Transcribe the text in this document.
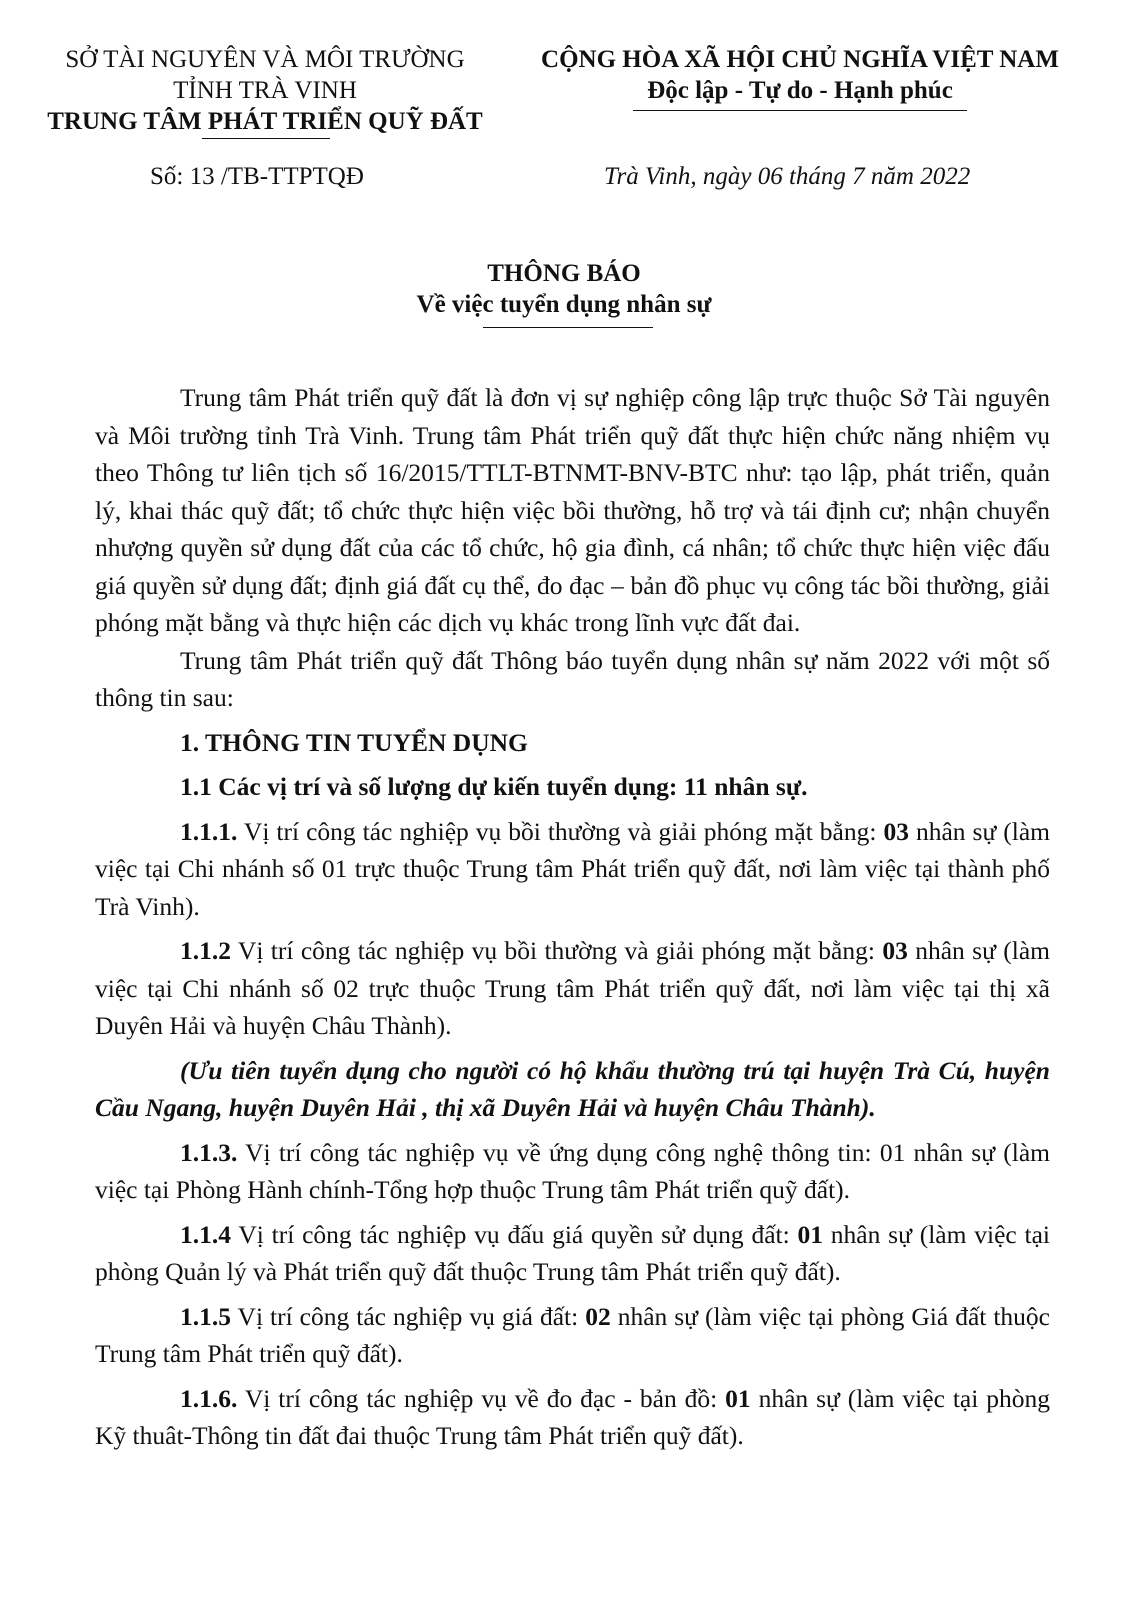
SỞ TÀI NGUYÊN VÀ MÔI TRƯỜNG
TỈNH TRÀ VINH
TRUNG TÂM PHÁT TRIỂN QUỸ ĐẤT
CỘNG HÒA XÃ HỘI CHỦ NGHĨA VIỆT NAM
Độc lập - Tự do - Hạnh phúc
Số: 13 /TB-TTPTQĐ	Trà Vinh, ngày 06 tháng 7 năm 2022
THÔNG BÁO
Về việc tuyển dụng nhân sự

Trung tâm Phát triển quỹ đất là đơn vị sự nghiệp công lập trực thuộc Sở Tài nguyên và Môi trường tỉnh Trà Vinh. Trung tâm Phát triển quỹ đất thực hiện chức năng nhiệm vụ theo Thông tư liên tịch số 16/2015/TTLT-BTNMT-BNV-BTC như: tạo lập, phát triển, quản lý, khai thác quỹ đất; tổ chức thực hiện việc bồi thường, hỗ trợ và tái định cư; nhận chuyển nhượng quyền sử dụng đất của các tổ chức, hộ gia đình, cá nhân; tổ chức thực hiện việc đấu giá quyền sử dụng đất; định giá đất cụ thể, đo đạc – bản đồ phục vụ công tác bồi thường, giải phóng mặt bằng và thực hiện các dịch vụ khác trong lĩnh vực đất đai.

Trung tâm Phát triển quỹ đất Thông báo tuyển dụng nhân sự năm 2022 với một số thông tin sau:

1. THÔNG TIN TUYỂN DỤNG

1.1 Các vị trí và số lượng dự kiến tuyển dụng: 11 nhân sự.

1.1.1. Vị trí công tác nghiệp vụ bồi thường và giải phóng mặt bằng: 03 nhân sự (làm việc tại Chi nhánh số 01 trực thuộc Trung tâm Phát triển quỹ đất, nơi làm việc tại thành phố Trà Vinh).

1.1.2 Vị trí công tác nghiệp vụ bồi thường và giải phóng mặt bằng: 03 nhân sự (làm việc tại Chi nhánh số 02 trực thuộc Trung tâm Phát triển quỹ đất, nơi làm việc tại thị xã Duyên Hải và huyện Châu Thành).

(Ưu tiên tuyển dụng cho người có hộ khẩu thường trú tại huyện Trà Cú, huyện Cầu Ngang, huyện Duyên Hải , thị xã Duyên Hải và huyện Châu Thành).

1.1.3. Vị trí công tác nghiệp vụ về ứng dụng công nghệ thông tin: 01 nhân sự (làm việc tại Phòng Hành chính-Tổng hợp thuộc Trung tâm Phát triển quỹ đất).

1.1.4 Vị trí công tác nghiệp vụ đấu giá quyền sử dụng đất: 01 nhân sự (làm việc tại phòng Quản lý và Phát triển quỹ đất thuộc Trung tâm Phát triển quỹ đất).

1.1.5 Vị trí công tác nghiệp vụ giá đất: 02 nhân sự (làm việc tại phòng Giá đất thuộc Trung tâm Phát triển quỹ đất).

1.1.6. Vị trí công tác nghiệp vụ về đo đạc - bản đồ: 01 nhân sự (làm việc tại phòng Kỹ thuât-Thông tin đất đai thuộc Trung tâm Phát triển quỹ đất).
